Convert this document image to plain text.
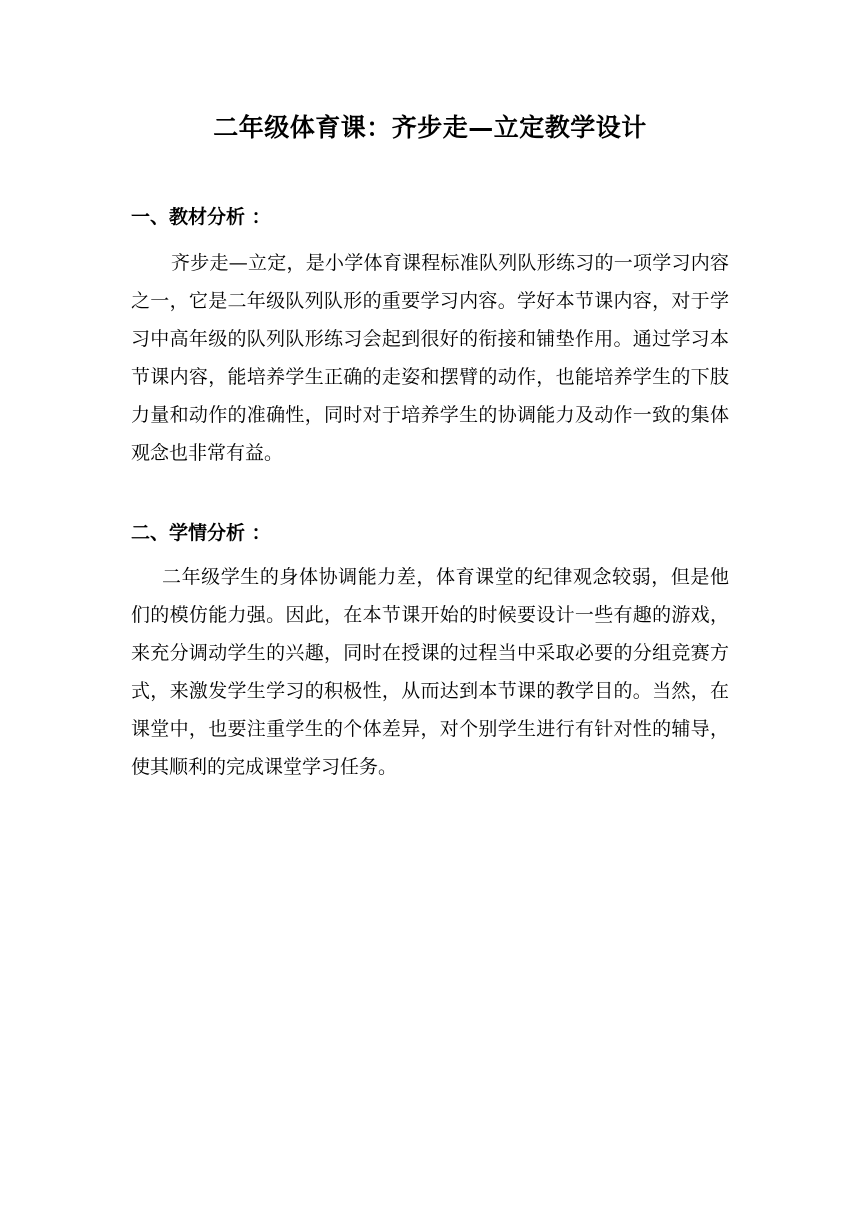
二年级体育课：齐步走—立定教学设计
一、教材分析 ：
齐步走—立定，是小学体育课程标准队列队形练习的一项学习内容之一，它是二年级队列队形的重要学习内容。学好本节课内容，对于学习中高年级的队列队形练习会起到很好的衔接和铺垫作用。通过学习本节课内容，能培养学生正确的走姿和摆臂的动作，也能培养学生的下肢力量和动作的准确性，同时对于培养学生的协调能力及动作一致的集体观念也非常有益。
二、学情分析 ：
二年级学生的身体协调能力差，体育课堂的纪律观念较弱，但是他们的模仿能力强。因此，在本节课开始的时候要设计一些有趣的游戏，来充分调动学生的兴趣，同时在授课的过程当中采取必要的分组竞赛方式，来激发学生学习的积极性，从而达到本节课的教学目的。当然，在课堂中，也要注重学生的个体差异，对个别学生进行有针对性的辅导，使其顺利的完成课堂学习任务。
